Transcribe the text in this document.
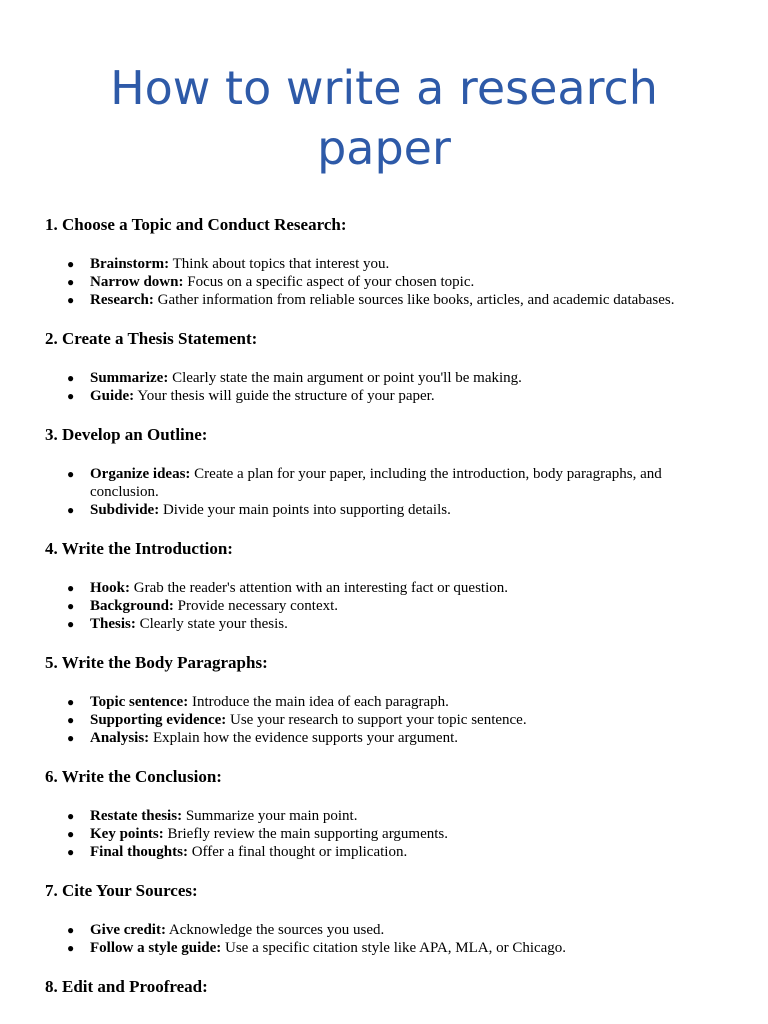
How to write a research
paper
1. Choose a Topic and Conduct Research:
● Brainstorm: Think about topics that interest you.
● Narrow down: Focus on a specific aspect of your chosen topic.
● Research: Gather information from reliable sources like books, articles, and academic databases.
2. Create a Thesis Statement:
● Summarize: Clearly state the main argument or point you'll be making.
● Guide: Your thesis will guide the structure of your paper.
3. Develop an Outline:
● Organize ideas: Create a plan for your paper, including the introduction, body paragraphs, and conclusion.
● Subdivide: Divide your main points into supporting details.
4. Write the Introduction:
● Hook: Grab the reader's attention with an interesting fact or question.
● Background: Provide necessary context.
● Thesis: Clearly state your thesis.
5. Write the Body Paragraphs:
● Topic sentence: Introduce the main idea of each paragraph.
● Supporting evidence: Use your research to support your topic sentence.
● Analysis: Explain how the evidence supports your argument.
6. Write the Conclusion:
● Restate thesis: Summarize your main point.
● Key points: Briefly review the main supporting arguments.
● Final thoughts: Offer a final thought or implication.
7. Cite Your Sources:
● Give credit: Acknowledge the sources you used.
● Follow a style guide: Use a specific citation style like APA, MLA, or Chicago.
8. Edit and Proofread:
